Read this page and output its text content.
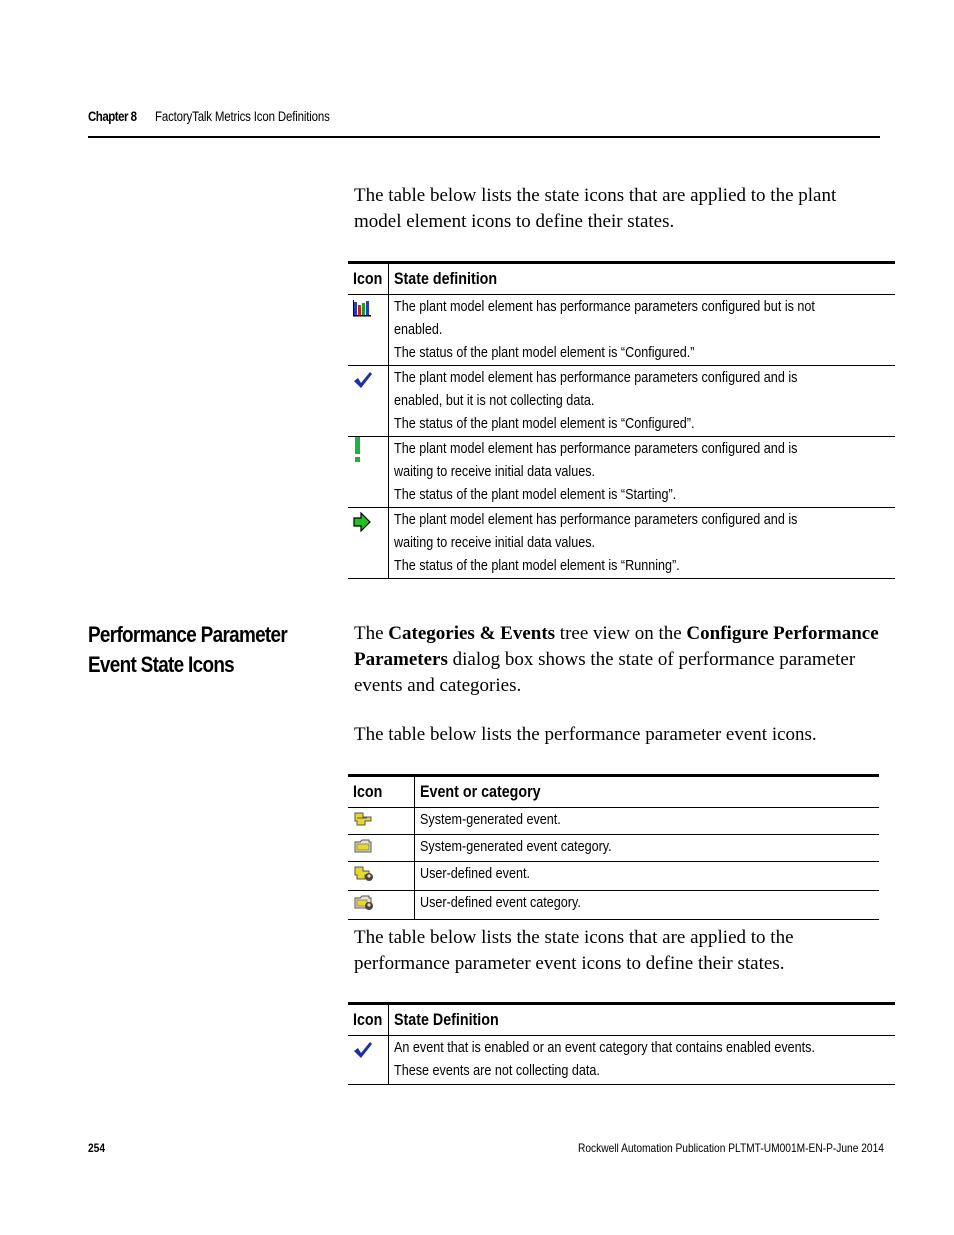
Chapter 8 FactoryTalk Metrics Icon Definitions

The table below lists the state icons that are applied to the plant model element icons to define their states.

Icon	State definition

The plant model element has performance parameters configured but is not
enabled.
The status of the plant model element is “Configured.”

The plant model element has performance parameters configured and is
enabled, but it is not collecting data.
The status of the plant model element is “Configured”.

The plant model element has performance parameters configured and is
waiting to receive initial data values.
The status of the plant model element is “Starting”.

The plant model element has performance parameters configured and is
waiting to receive initial data values.
The status of the plant model element is “Running”.
Performance Parameter
Event State Icons

The Categories & Events tree view on the Configure Performance
Parameters dialog box shows the state of performance parameter
events and categories.

The table below lists the performance parameter event icons.

Icon	Event or category

System-generated event.

System-generated event category.

User-defined event.

User-defined event category.

The table below lists the state icons that are applied to the performance parameter event icons to define their states.

Icon	State Definition

An event that is enabled or an event category that contains enabled events.
These events are not collecting data.
254	Rockwell Automation Publication PLTMT-UM001M-EN-P-June 2014
